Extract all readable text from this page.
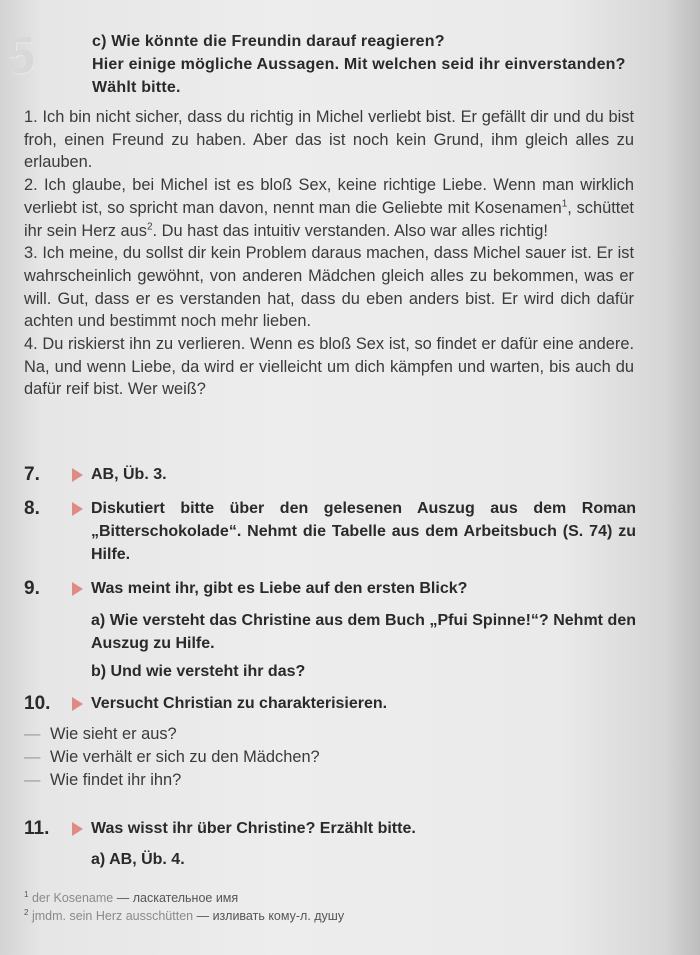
5	c) Wie könnte die Freundin darauf reagieren?
Hier einige mögliche Aussagen. Mit welchen seid ihr einverstanden? Wählt bitte.

1. Ich bin nicht sicher, dass du richtig in Michel verliebt bist. Er gefällt dir und du bist froh, einen Freund zu haben. Aber das ist noch kein Grund, ihm gleich alles zu erlauben.

2. Ich glaube, bei Michel ist es bloß Sex, keine richtige Liebe. Wenn man wirklich verliebt ist, so spricht man davon, nennt man die Geliebte mit Kosenamen$^1$, schüttet ihr sein Herz aus$^2$. Du hast das intuitiv verstanden. Also war alles richtig!

3. Ich meine, du sollst dir kein Problem daraus machen, dass Michel sauer ist. Er ist wahrscheinlich gewöhnt, von anderen Mädchen gleich alles zu bekommen, was er will. Gut, dass er es verstanden hat, dass du eben anders bist. Er wird dich dafür achten und bestimmt noch mehr lieben.

4. Du riskierst ihn zu verlieren. Wenn es bloß Sex ist, so findet er dafür eine andere. Na, und wenn Liebe, da wird er vielleicht um dich kämpfen und warten, bis auch du dafür reif bist. Wer weiß?

7.	AB, Üb. 3.
8.	Diskutiert bitte über den gelesenen Auszug aus dem Roman „Bitterschokolade“. Nehmt die Tabelle aus dem Arbeitsbuch (S. 74) zu Hilfe.
9.	Was meint ihr, gibt es Liebe auf den ersten Blick?
a) Wie versteht das Christine aus dem Buch „Pfui Spinne!“? Nehmt den Auszug zu Hilfe.
b) Und wie versteht ihr das?
10.	Versucht Christian zu charakterisieren.
— Wie sieht er aus?
— Wie verhält er sich zu den Mädchen?
— Wie findet ihr ihn?
11.	Was wisst ihr über Christine? Erzählt bitte.
a) AB, Üb. 4.
$^1$ der Kosename — ласкательное имя
$^2$ jmdm. sein Herz ausschütten — изливать кому-л. душу
